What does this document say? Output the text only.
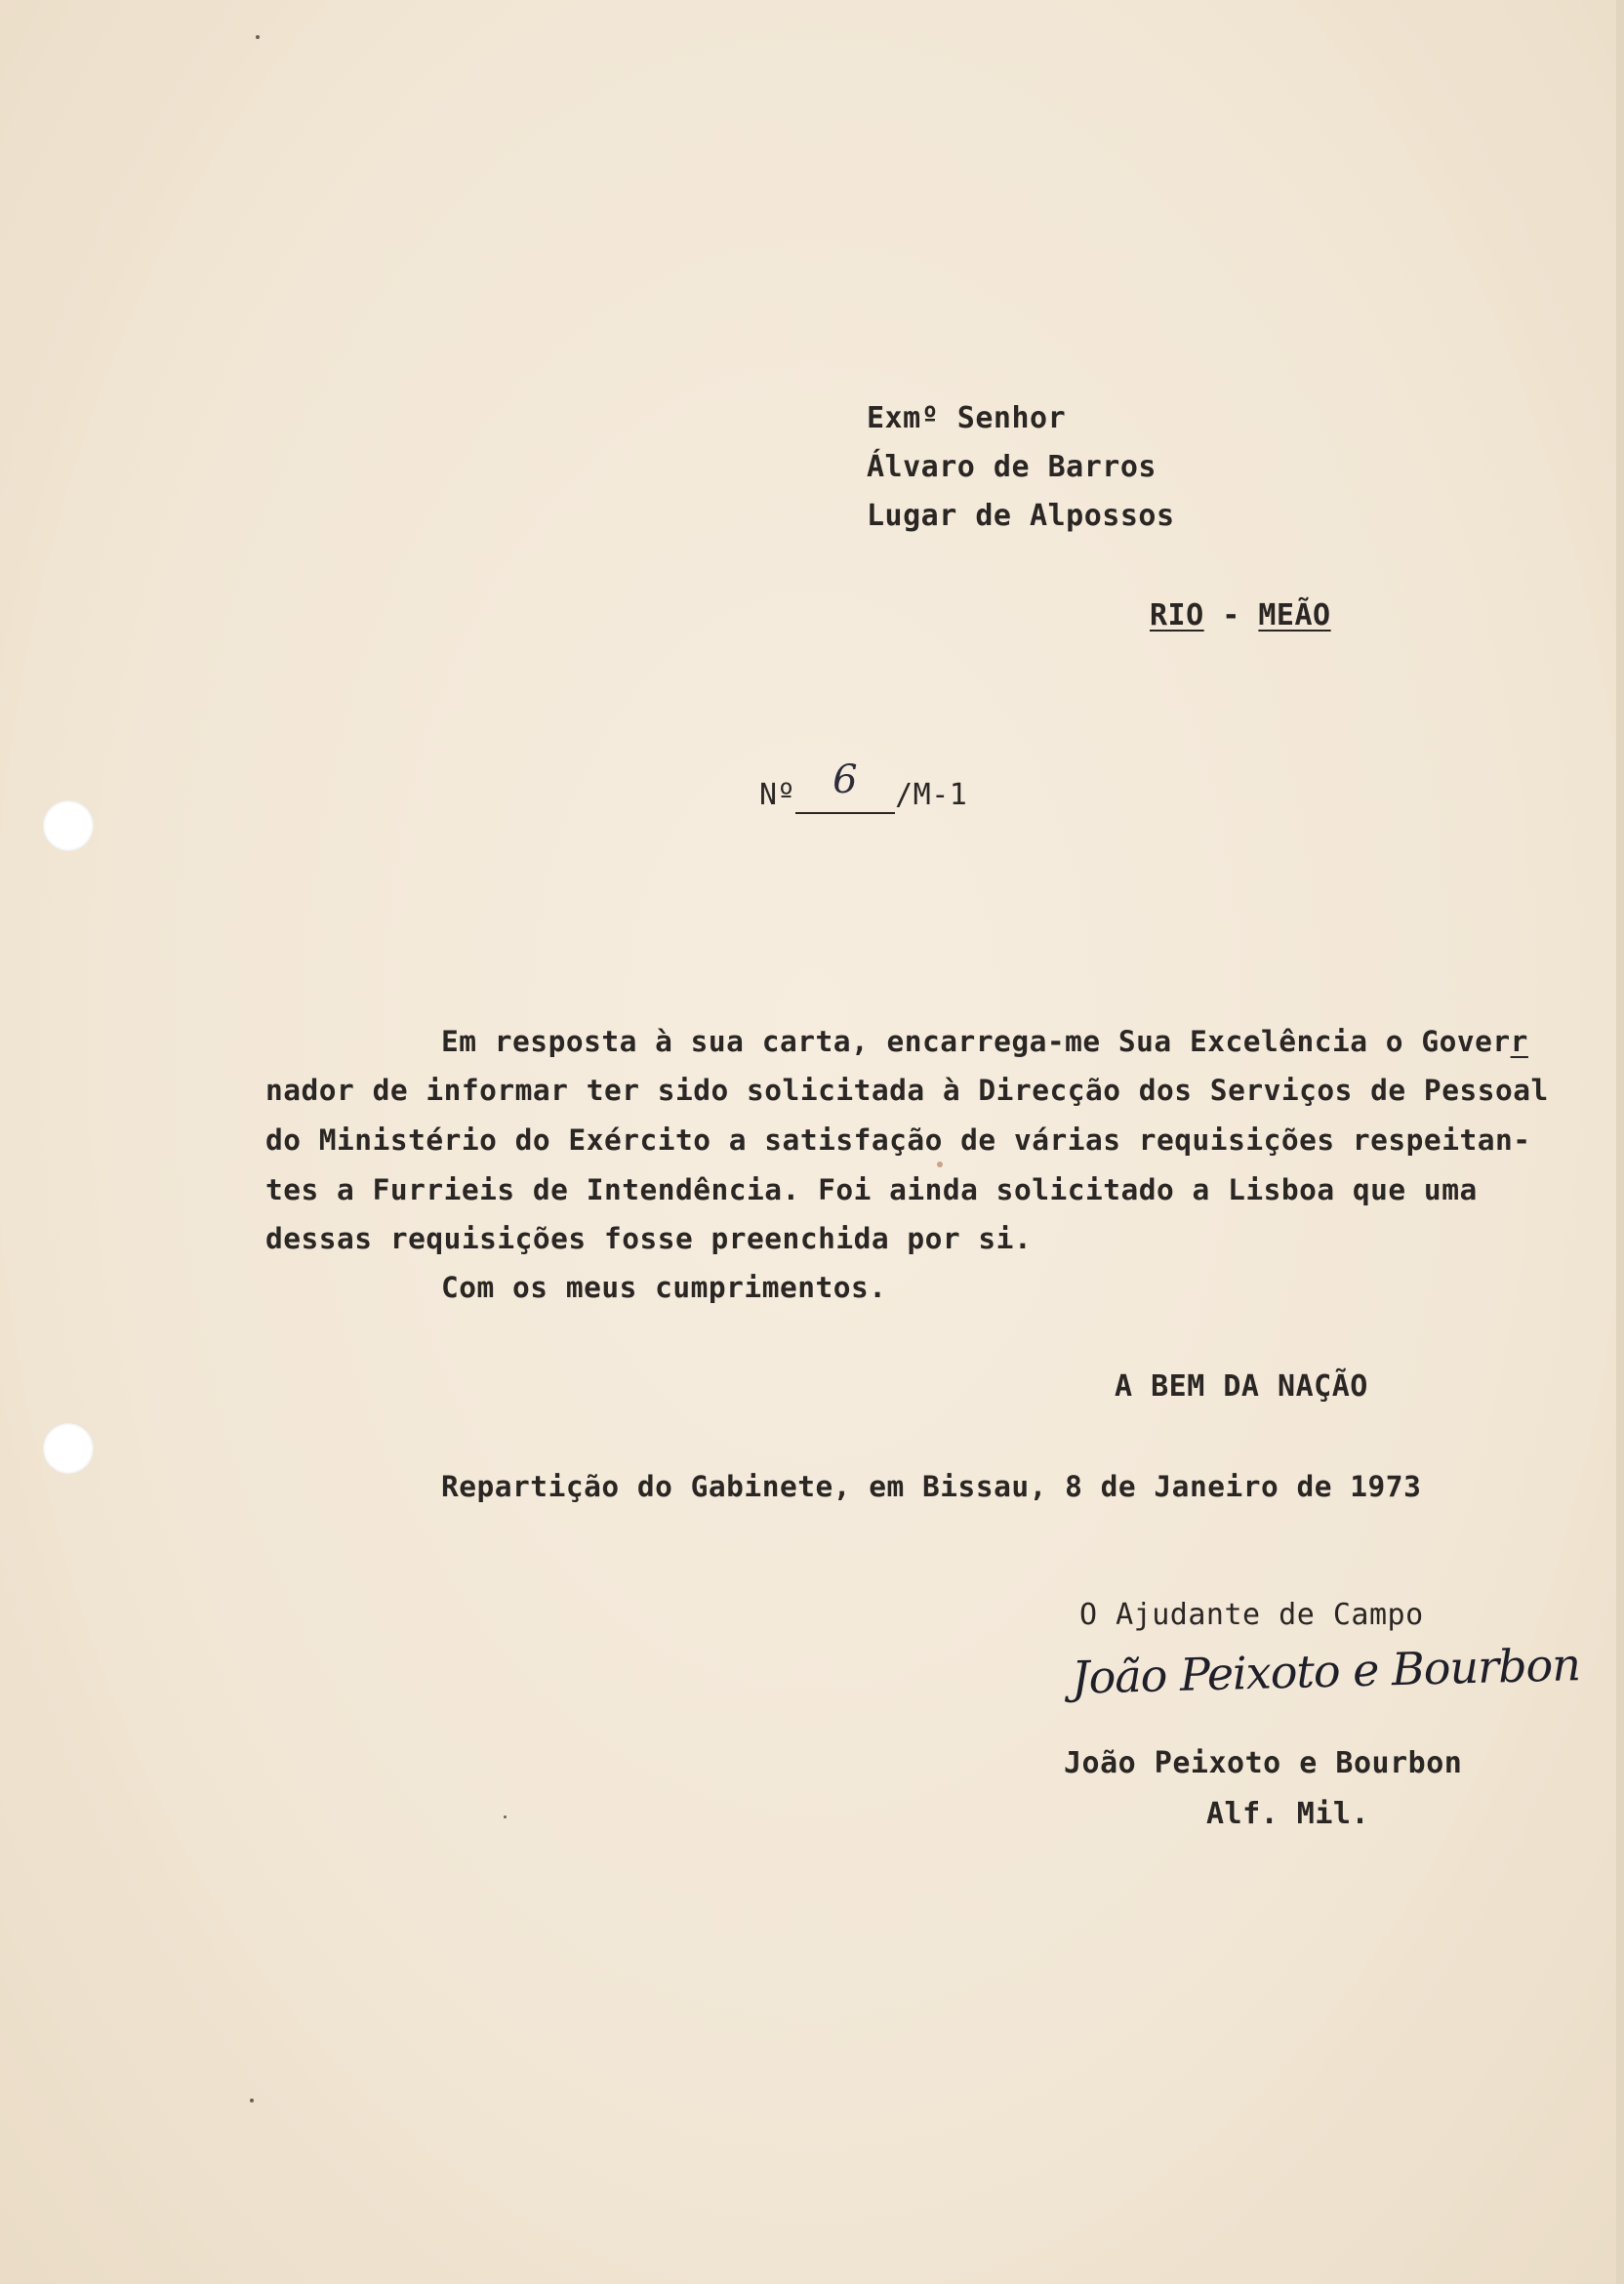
Exmº Senhor
Álvaro de Barros
Lugar de Alpossos
RIO - MEÃO
Nº 6	/M-1
Em resposta à sua carta, encarrega-me Sua Excelência o Goverr
nador de informar ter sido solicitada à Direcção dos Serviços de Pessoal
do Ministério do Exército a satisfação de várias requisições respeitan-
tes a Furrieis de Intendência. Foi ainda solicitado a Lisboa que uma
dessas requisições fosse preenchida por si.
Com os meus cumprimentos.
A BEM DA NAÇÃO
Repartição do Gabinete, em Bissau, 8 de Janeiro de 1973
O Ajudante de Campo
João Peixoto e Bourbon
João Peixoto e Bourbon
Alf. Mil.
